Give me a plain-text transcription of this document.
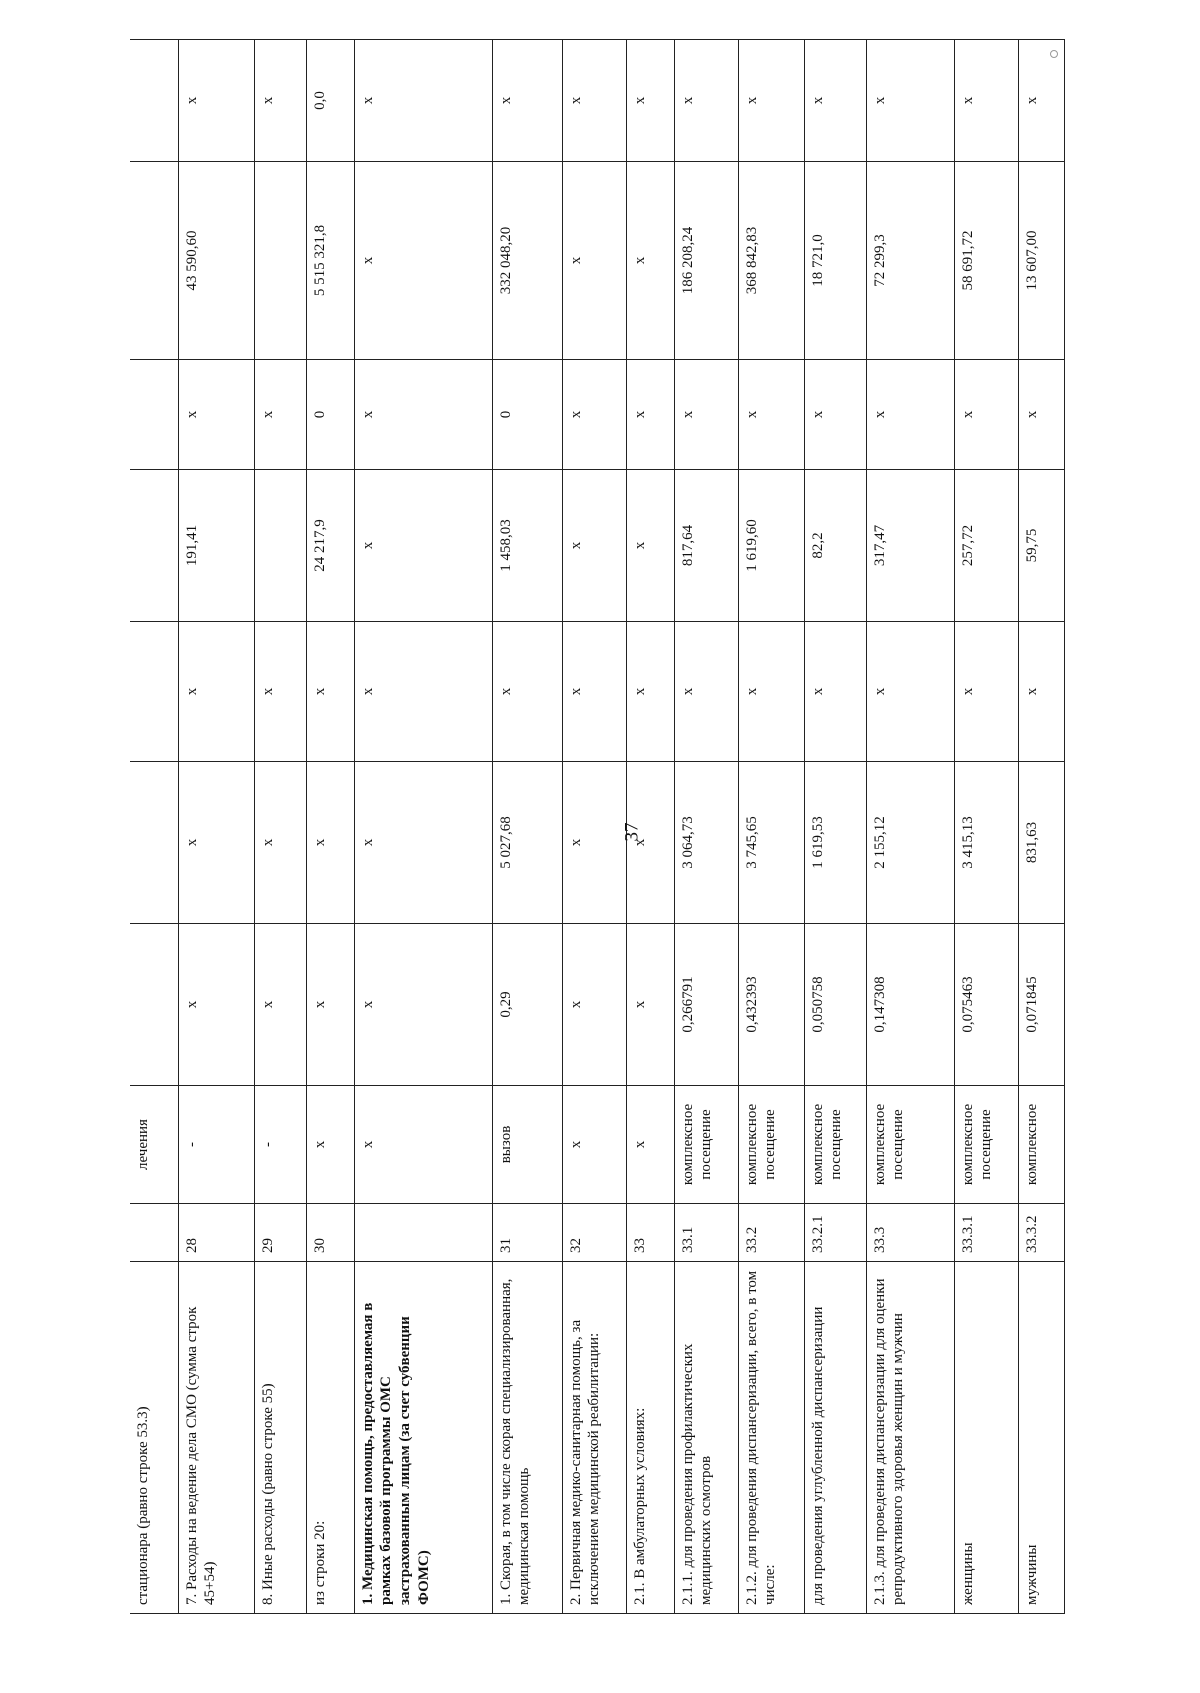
стационара (равно строке 53.3)		лечения							
7. Расходы на ведение дела СМО (сумма строк 45+54)	28	-	х	х	х	191,41	х	43 590,60	х
8. Иные расходы (равно строке 55)	29	-	х	х	х		х		х
из строки 20:	30	х	х	х	х	24 217,9	0	5 515 321,8	0,0
1. Медицинская помощь, предоставляемая в рамках базовой программы ОМС застрахованным лицам (за счет субвенции ФОМС)		х	х	х	х	х	х	х	х
1. Скорая, в том числе скорая специализированная, медицинская помощь	31	вызов	0,29	5 027,68	х	1 458,03	0	332 048,20	х
2. Первичная медико-санитарная помощь, за исключением медицинской реабилитации:	32	х	х	х	х	х	х	х	х
2.1. В амбулаторных условиях:	33	х	х	х	х	х	х	х	х
2.1.1. для проведения профилактических медицинских осмотров	33.1	комплексное посещение	0,266791	3 064,73	х	817,64	х	186 208,24	х
2.1.2. для проведения диспансеризации, всего, в том числе:	33.2	комплексное посещение	0,432393	3 745,65	х	1 619,60	х	368 842,83	х
для проведения углубленной диспансеризации	33.2.1	комплексное посещение	0,050758	1 619,53	х	82,2	х	18 721,0	х
2.1.3. для проведения диспансеризации для оценки репродуктивного здоровья женщин и мужчин	33.3	комплексное посещение	0,147308	2 155,12	х	317,47	х	72 299,3	х
женщины	33.3.1	комплексное посещение	0,075463	3 415,13	х	257,72	х	58 691,72	х
мужчины	33.3.2	комплексное	0,071845	831,63	х	59,75	х	13 607,00	х
37
